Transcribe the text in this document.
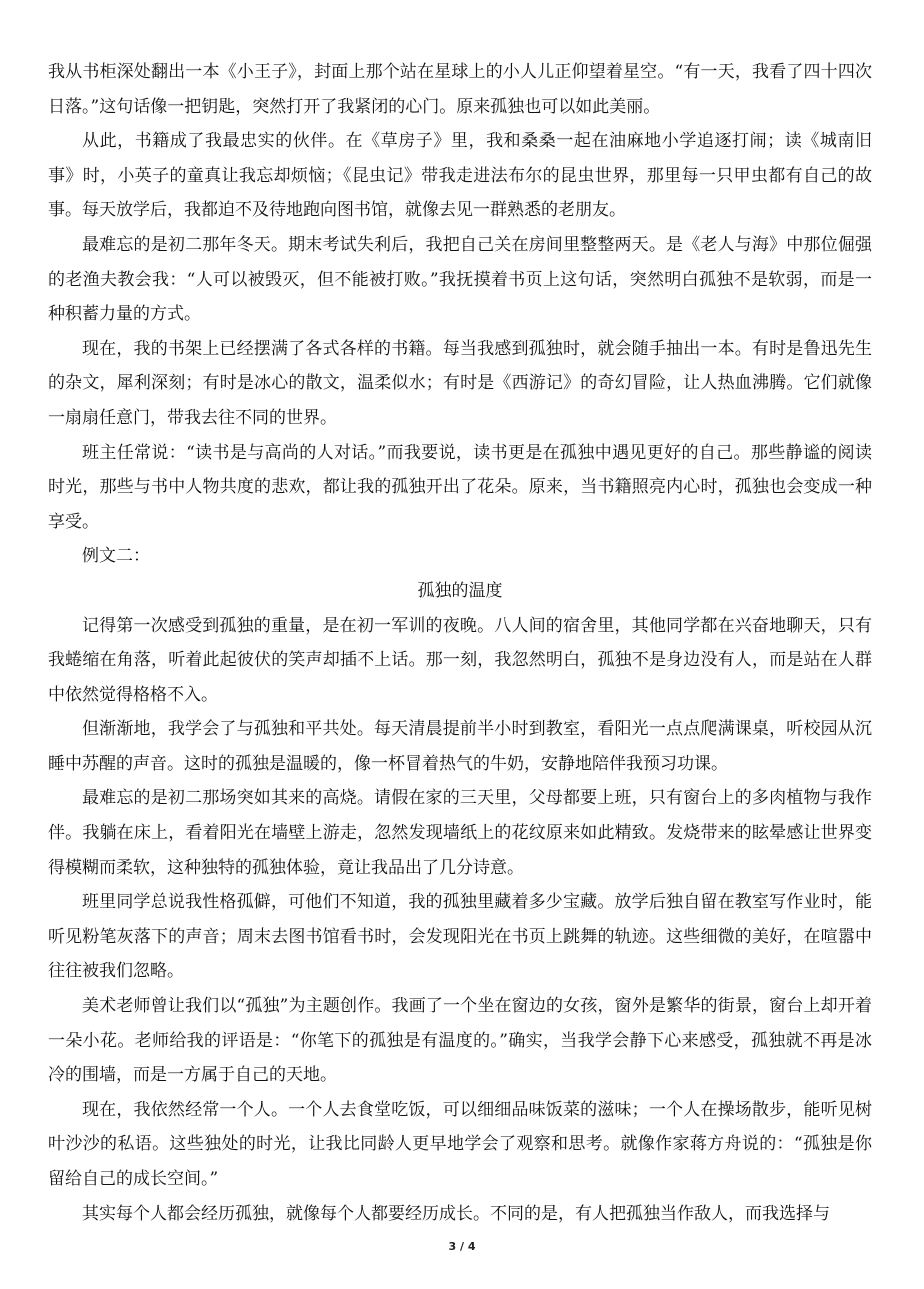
我从书柜深处翻出一本《小王子》，封面上那个站在星球上的小人儿正仰望着星空。“有一天，我看了四十四次日落。”这句话像一把钥匙，突然打开了我紧闭的心门。原来孤独也可以如此美丽。

从此，书籍成了我最忠实的伙伴。在《草房子》里，我和桑桑一起在油麻地小学追逐打闹；读《城南旧事》时，小英子的童真让我忘却烦恼；《昆虫记》带我走进法布尔的昆虫世界，那里每一只甲虫都有自己的故事。每天放学后，我都迫不及待地跑向图书馆，就像去见一群熟悉的老朋友。

最难忘的是初二那年冬天。期末考试失利后，我把自己关在房间里整整两天。是《老人与海》中那位倔强的老渔夫教会我：“人可以被毁灭，但不能被打败。”我抚摸着书页上这句话，突然明白孤独不是软弱，而是一种积蓄力量的方式。

现在，我的书架上已经摆满了各式各样的书籍。每当我感到孤独时，就会随手抽出一本。有时是鲁迅先生的杂文，犀利深刻；有时是冰心的散文，温柔似水；有时是《西游记》的奇幻冒险，让人热血沸腾。它们就像一扇扇任意门，带我去往不同的世界。

班主任常说：“读书是与高尚的人对话。”而我要说，读书更是在孤独中遇见更好的自己。那些静谧的阅读时光，那些与书中人物共度的悲欢，都让我的孤独开出了花朵。原来，当书籍照亮内心时，孤独也会变成一种享受。

例文二：

孤独的温度

记得第一次感受到孤独的重量，是在初一军训的夜晚。八人间的宿舍里，其他同学都在兴奋地聊天，只有我蜷缩在角落，听着此起彼伏的笑声却插不上话。那一刻，我忽然明白，孤独不是身边没有人，而是站在人群中依然觉得格格不入。

但渐渐地，我学会了与孤独和平共处。每天清晨提前半小时到教室，看阳光一点点爬满课桌，听校园从沉睡中苏醒的声音。这时的孤独是温暖的，像一杯冒着热气的牛奶，安静地陪伴我预习功课。

最难忘的是初二那场突如其来的高烧。请假在家的三天里，父母都要上班，只有窗台上的多肉植物与我作伴。我躺在床上，看着阳光在墙壁上游走，忽然发现墙纸上的花纹原来如此精致。发烧带来的眩晕感让世界变得模糊而柔软，这种独特的孤独体验，竟让我品出了几分诗意。

班里同学总说我性格孤僻，可他们不知道，我的孤独里藏着多少宝藏。放学后独自留在教室写作业时，能听见粉笔灰落下的声音；周末去图书馆看书时，会发现阳光在书页上跳舞的轨迹。这些细微的美好，在喧嚣中往往被我们忽略。

美术老师曾让我们以“孤独”为主题创作。我画了一个坐在窗边的女孩，窗外是繁华的街景，窗台上却开着一朵小花。老师给我的评语是：“你笔下的孤独是有温度的。”确实，当我学会静下心来感受，孤独就不再是冰冷的围墙，而是一方属于自己的天地。

现在，我依然经常一个人。一个人去食堂吃饭，可以细细品味饭菜的滋味；一个人在操场散步，能听见树叶沙沙的私语。这些独处的时光，让我比同龄人更早地学会了观察和思考。就像作家蒋方舟说的：“孤独是你留给自己的成长空间。”

其实每个人都会经历孤独，就像每个人都要经历成长。不同的是，有人把孤独当作敌人，而我选择与

3 / 4
